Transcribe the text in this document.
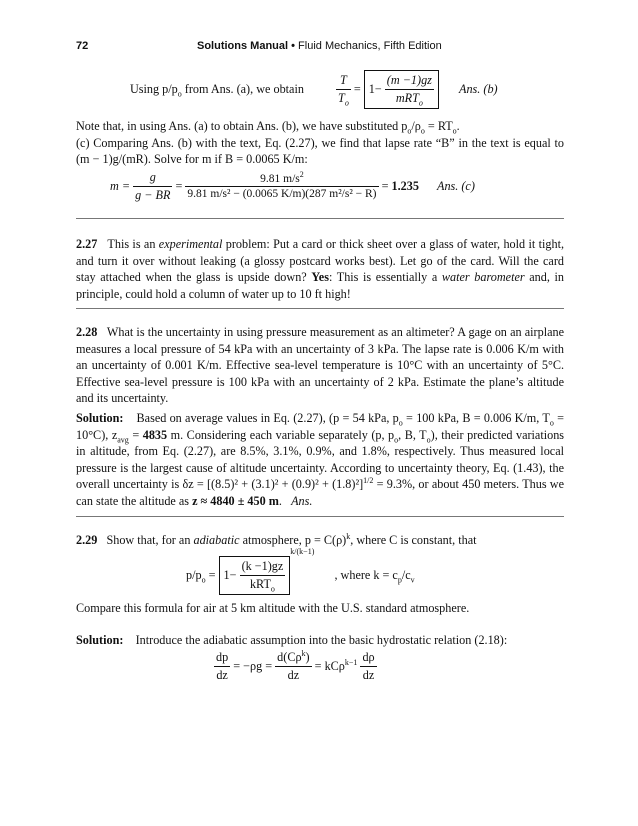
72	Solutions Manual • Fluid Mechanics, Fifth Edition
Using $p/p_o$ from Ans. (a), we obtain	$\frac{T}{T_o} = 1- \frac{(m -1)gz}{mRT_o}$ Ans. (b)
Note that, in using Ans. (a) to obtain Ans. (b), we have substituted $p_o/\rho_o = RT_o$.
(c) Comparing Ans. (b) with the text, Eq. (2.27), we find that lapse rate “B” in the text is equal to (m − 1)g/(mR). Solve for m if B = 0.0065 K/m:
$m = \frac{g}{g - BR} = \frac{9.81 m/s^2}{\text{9.81 m/s² − (0.0065 K/m)(287 m²/s² − R)}} = 1.235$ Ans. (c)
2.27 This is an experimental problem: Put a card or thick sheet over a glass of water, hold it tight, and turn it over without leaking (a glossy postcard works best). Let go of the card. Will the card stay attached when the glass is upside down? Yes: This is essentially a water barometer and, in principle, could hold a column of water up to 10 ft high!
2.28 What is the uncertainty in using pressure measurement as an altimeter? A gage on an airplane measures a local pressure of 54 kPa with an uncertainty of 3 kPa. The lapse rate is 0.006 K/m with an uncertainty of 0.001 K/m. Effective sea-level temperature is 10°C with an uncertainty of 5°C. Effective sea-level pressure is 100 kPa with an uncertainty of 2 kPa. Estimate the plane’s altitude and its uncertainty.
Solution: Based on average values in Eq. (2.27), (p = 54 kPa, $p_o = 100$ kPa, B = 0.006 K/m, $T_o = 10^\circ C$), $z_{avg} = 4835$ m. Considering each variable separately (p, $p_o$, B, $T_o$), their predicted variations in altitude, from Eq. (2.27), are 8.5%, 3.1%, 0.9%, and 1.8%, respectively. Thus measured local pressure is the largest cause of altitude uncertainty. According to uncertainty theory, Eq. (1.43), the overall uncertainty is $\delta z = [(8.5)^2 + (3.1)^2 + (0.9)^2 + (1.8)^2]^{1/2} = 9.3\%$, or about 450 meters. Thus we can state the altitude as z ≈ 4840 ± 450 m.   Ans.
2.29 Show that, for an adiabatic atmosphere, $p = C(\rho)^k$, where C is constant, that
$p/p_o = 1- \frac{(k -1)gz}{kRT_o}$
$^{k/(k-1)}$  , where $k = c_p/c_v$
Compare this formula for air at 5 km altitude with the U.S. standard atmosphere.
Solution: Introduce the adiabatic assumption into the basic hydrostatic relation (2.18):
$\frac{dp}{dz} = -\rho g = \frac{d(C\rho^k)}{dz} = kC\rho^{k-1} \frac{d\rho}{dz}$
